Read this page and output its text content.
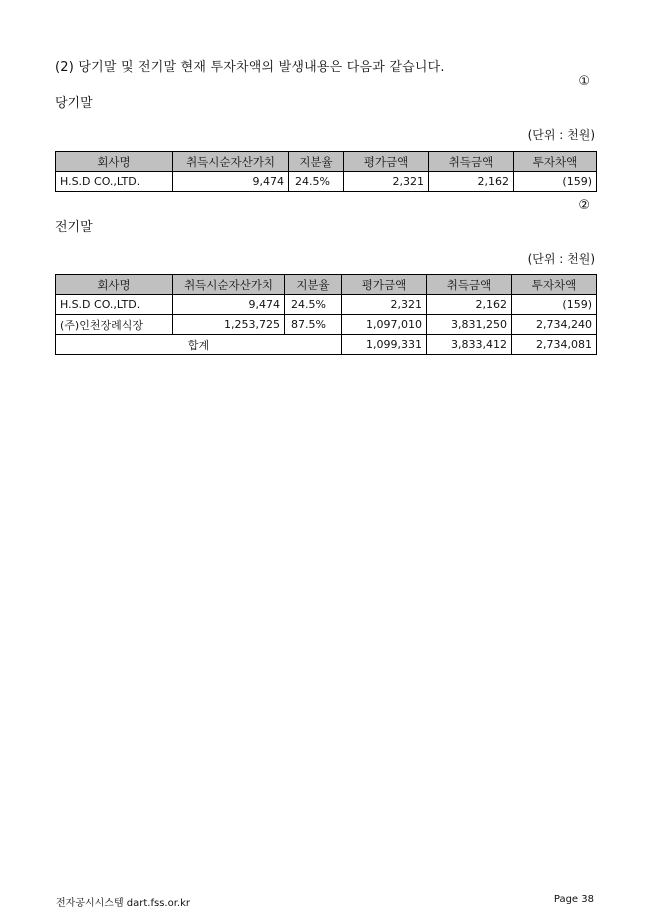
(2) 당기말 및 전기말 현재 투자차액의 발생내용은 다음과 같습니다.
①
당기말
(단위 : 천원)
회사명	취득시순자산가치	지분율	평가금액	취득금액	투자차액
H.S.D CO.,LTD.	9,474	24.5%	2,321	2,162	(159)
②
전기말
(단위 : 천원)
회사명	취득시순자산가치	지분율	평가금액	취득금액	투자차액
H.S.D CO.,LTD.	9,474	24.5%	2,321	2,162	(159)
(주)인천장례식장	1,253,725	87.5%	1,097,010	3,831,250	2,734,240
합계			1,099,331	3,833,412	2,734,081
전자공시시스템 dart.fss.or.kr	Page 38
